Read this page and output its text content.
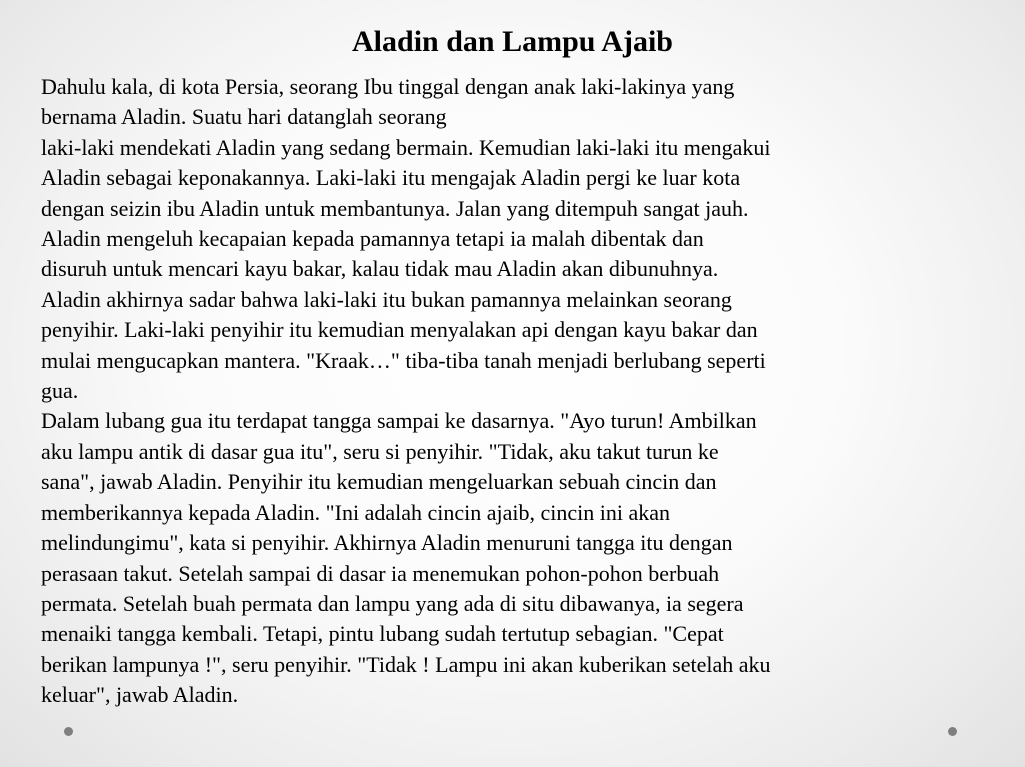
Aladin dan Lampu Ajaib
Dahulu kala, di kota Persia, seorang Ibu tinggal dengan anak laki-lakinya yang
bernama Aladin. Suatu hari datanglah seorang
laki-laki mendekati Aladin yang sedang bermain. Kemudian laki-laki itu mengakui
Aladin sebagai keponakannya. Laki-laki itu mengajak Aladin pergi ke luar kota
dengan seizin ibu Aladin untuk membantunya. Jalan yang ditempuh sangat jauh.
Aladin mengeluh kecapaian kepada pamannya tetapi ia malah dibentak dan
disuruh untuk mencari kayu bakar, kalau tidak mau Aladin akan dibunuhnya.
Aladin akhirnya sadar bahwa laki-laki itu bukan pamannya melainkan seorang
penyihir. Laki-laki penyihir itu kemudian menyalakan api dengan kayu bakar dan
mulai mengucapkan mantera. "Kraak…" tiba-tiba tanah menjadi berlubang seperti
gua.
Dalam lubang gua itu terdapat tangga sampai ke dasarnya. "Ayo turun! Ambilkan
aku lampu antik di dasar gua itu", seru si penyihir. "Tidak, aku takut turun ke
sana", jawab Aladin. Penyihir itu kemudian mengeluarkan sebuah cincin dan
memberikannya kepada Aladin. "Ini adalah cincin ajaib, cincin ini akan
melindungimu", kata si penyihir. Akhirnya Aladin menuruni tangga itu dengan
perasaan takut. Setelah sampai di dasar ia menemukan pohon-pohon berbuah
permata. Setelah buah permata dan lampu yang ada di situ dibawanya, ia segera
menaiki tangga kembali. Tetapi, pintu lubang sudah tertutup sebagian. "Cepat
berikan lampunya !", seru penyihir. "Tidak ! Lampu ini akan kuberikan setelah aku
keluar", jawab Aladin.
